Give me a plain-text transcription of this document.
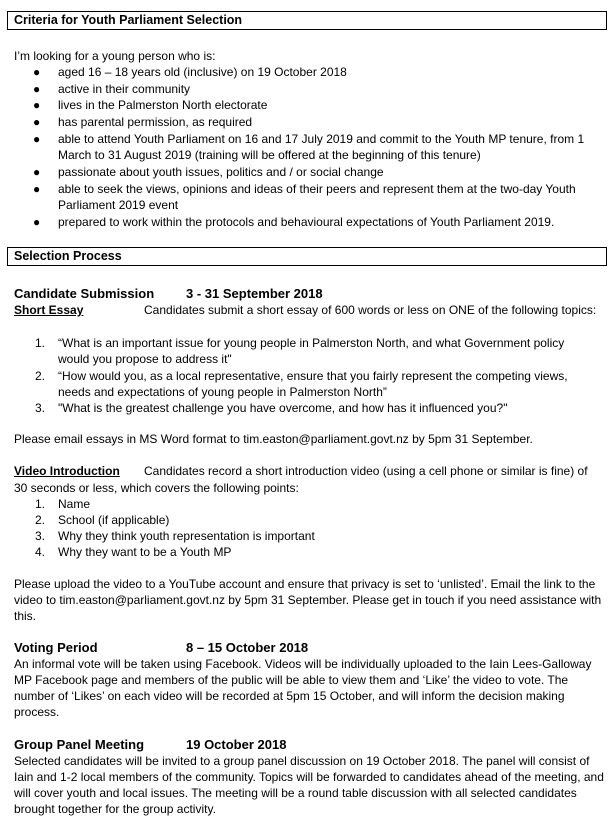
Criteria for Youth Parliament Selection
I’m looking for a young person who is:
● aged 16 – 18 years old (inclusive) on 19 October 2018
● active in their community
● lives in the Palmerston North electorate
● has parental permission, as required
● able to attend Youth Parliament on 16 and 17 July 2019 and commit to the Youth MP tenure, from 1 March to 31 August 2019 (training will be offered at the beginning of this tenure)
● passionate about youth issues, politics and / or social change
● able to seek the views, opinions and ideas of their peers and represent them at the two-day Youth Parliament 2019 event
● prepared to work within the protocols and behavioural expectations of Youth Parliament 2019.
Selection Process
Candidate Submission 3 - 31 September 2018
Short Essay	Candidates submit a short essay of 600 words or less on ONE of the following topics:
1. “What is an important issue for young people in Palmerston North, and what Government policy would you propose to address it"
2. “How would you, as a local representative, ensure that you fairly represent the competing views, needs and expectations of young people in Palmerston North”
3. "What is the greatest challenge you have overcome, and how has it influenced you?"
Please email essays in MS Word format to tim.easton@parliament.govt.nz by 5pm 31 September.
Video Introduction Candidates record a short introduction video (using a cell phone or similar is fine) of
30 seconds or less, which covers the following points:
1. Name
2. School (if applicable)
3. Why they think youth representation is important
4. Why they want to be a Youth MP
Please upload the video to a YouTube account and ensure that privacy is set to ‘unlisted’. Email the link to the video to tim.easton@parliament.govt.nz by 5pm 31 September. Please get in touch if you need assistance with this.
Voting Period	8 – 15 October 2018
An informal vote will be taken using Facebook. Videos will be individually uploaded to the Iain Lees-Galloway MP Facebook page and members of the public will be able to view them and ‘Like’ the video to vote. The number of ‘Likes’ on each video will be recorded at 5pm 15 October, and will inform the decision making process.
Group Panel Meeting	19 October 2018
Selected candidates will be invited to a group panel discussion on 19 October 2018. The panel will consist of Iain and 1-2 local members of the community. Topics will be forwarded to candidates ahead of the meeting, and will cover youth and local issues. The meeting will be a round table discussion with all selected candidates brought together for the group activity.
